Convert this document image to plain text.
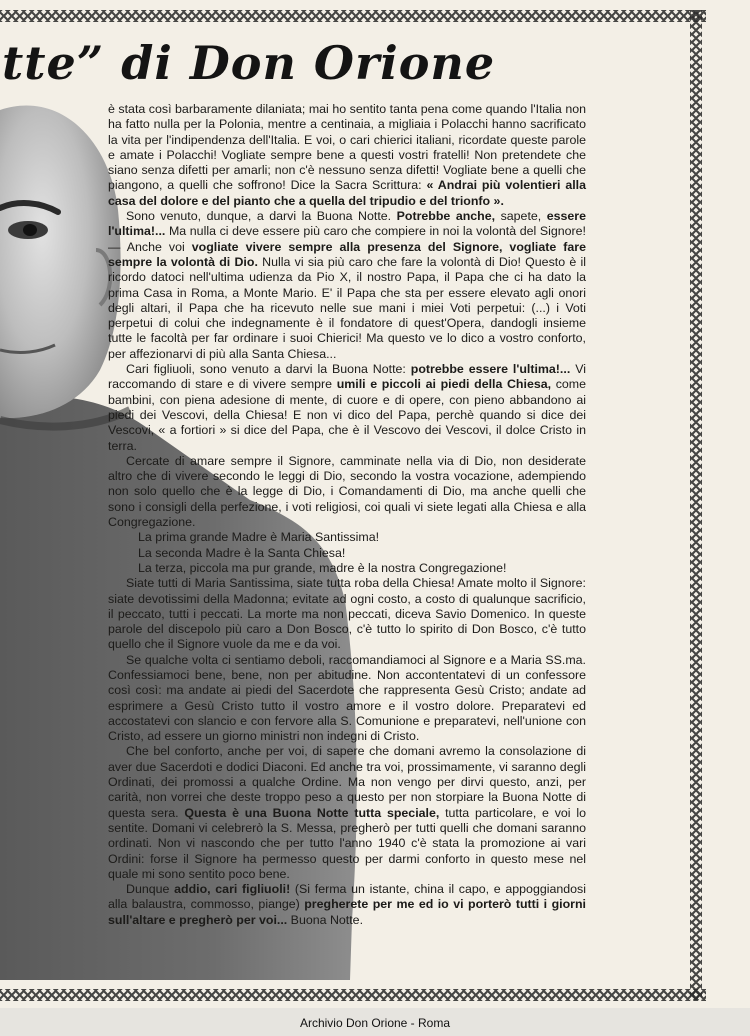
tte” di Don Orione

è stata così barbaramente dilaniata; mai ho sentito tanta pena come quando l'Italia non ha fatto nulla per la Polonia, mentre a centinaia, a migliaia i Polacchi hanno sacrificato la vita per l'indipendenza dell'Italia. E voi, o cari chierici italiani, ricordate queste parole e amate i Polacchi! Vogliate sempre bene a questi vostri fratelli! Non pretendete che siano senza difetti per amarli; non c'è nessuno senza difetti! Vogliate bene a quelli che piangono, a quelli che soffrono! Dice la Sacra Scrittura: « Andrai più volentieri alla casa del dolore e del pianto che a quella del tripudio e del trionfo ».

Sono venuto, dunque, a darvi la Buona Notte. Potrebbe anche, sapete, essere l'ultima!... Ma nulla ci deve essere più caro che compiere in noi la volontà del Signore! — Anche voi vogliate vivere sempre alla presenza del Signore, vogliate fare sempre la volontà di Dio. Nulla vi sia più caro che fare la volontà di Dio! Questo è il ricordo datoci nell'ultima udienza da Pio X, il nostro Papa, il Papa che ci ha dato la prima Casa in Roma, a Monte Mario. E' il Papa che sta per essere elevato agli onori degli altari, il Papa che ha ricevuto nelle sue mani i miei Voti perpetui: (...) i Voti perpetui di colui che indegnamente è il fondatore di quest'Opera, dandogli insieme tutte le facoltà per far ordinare i suoi Chierici! Ma questo ve lo dico a vostro conforto, per affezionarvi di più alla Santa Chiesa...

Cari figliuoli, sono venuto a darvi la Buona Notte: potrebbe essere l'ultima!... Vi raccomando di stare e di vivere sempre umili e piccoli ai piedi della Chiesa, come bambini, con piena adesione di mente, di cuore e di opere, con pieno abbandono ai piedi dei Vescovi, della Chiesa! E non vi dico del Papa, perchè quando si dice dei Vescovi, « a fortiori » si dice del Papa, che è il Vescovo dei Vescovi, il dolce Cristo in terra.

Cercate di amare sempre il Signore, camminate nella via di Dio, non desiderate altro che di vivere secondo le leggi di Dio, secondo la vostra vocazione, adempiendo non solo quello che è la legge di Dio, i Comandamenti di Dio, ma anche quelli che sono i consigli della perfezione, i voti religiosi, coi quali vi siete legati alla Chiesa e alla Congregazione.

La prima grande Madre è Maria Santissima!

La seconda Madre è la Santa Chiesa!

La terza, piccola ma pur grande, madre è la nostra Congregazione!

Siate tutti di Maria Santissima, siate tutta roba della Chiesa! Amate molto il Signore: siate devotissimi della Madonna; evitate ad ogni costo, a costo di qualunque sacrificio, il peccato, tutti i peccati. La morte ma non peccati, diceva Savio Domenico. In queste parole del discepolo più caro a Don Bosco, c'è tutto lo spirito di Don Bosco, c'è tutto quello che il Signore vuole da me e da voi.

Se qualche volta ci sentiamo deboli, raccomandiamoci al Signore e a Maria SS.ma. Confessiamoci bene, bene, non per abitudine. Non accontentatevi di un confessore così così: ma andate ai piedi del Sacerdote che rappresenta Gesù Cristo; andate ad esprimere a Gesù Cristo tutto il vostro amore e il vostro dolore. Preparatevi ed accostatevi con slancio e con fervore alla S. Comunione e preparatevi, nell'unione con Cristo, ad essere un giorno ministri non indegni di Cristo.

Che bel conforto, anche per voi, di sapere che domani avremo la consolazione di aver due Sacerdoti e dodici Diaconi. Ed anche tra voi, prossimamente, vi saranno degli Ordinati, dei promossi a qualche Ordine. Ma non vengo per dirvi questo, anzi, per carità, non vorrei che deste troppo peso a questo per non storpiare la Buona Notte di questa sera. Questa è una Buona Notte tutta speciale, tutta particolare, e voi lo sentite. Domani vi celebrerò la S. Messa, pregherò per tutti quelli che domani saranno ordinati. Non vi nascondo che per tutto l'anno 1940 c'è stata la promozione ai vari Ordini: forse il Signore ha permesso questo per darmi conforto in questo mese nel quale mi sono sentito poco bene.

Dunque addio, cari figliuoli! (Si ferma un istante, china il capo, e appoggiandosi alla balaustra, commosso, piange) pregherete per me ed io vi porterò tutti i giorni sull'altare e pregherò per voi... Buona Notte.

Archivio Don Orione - Roma
